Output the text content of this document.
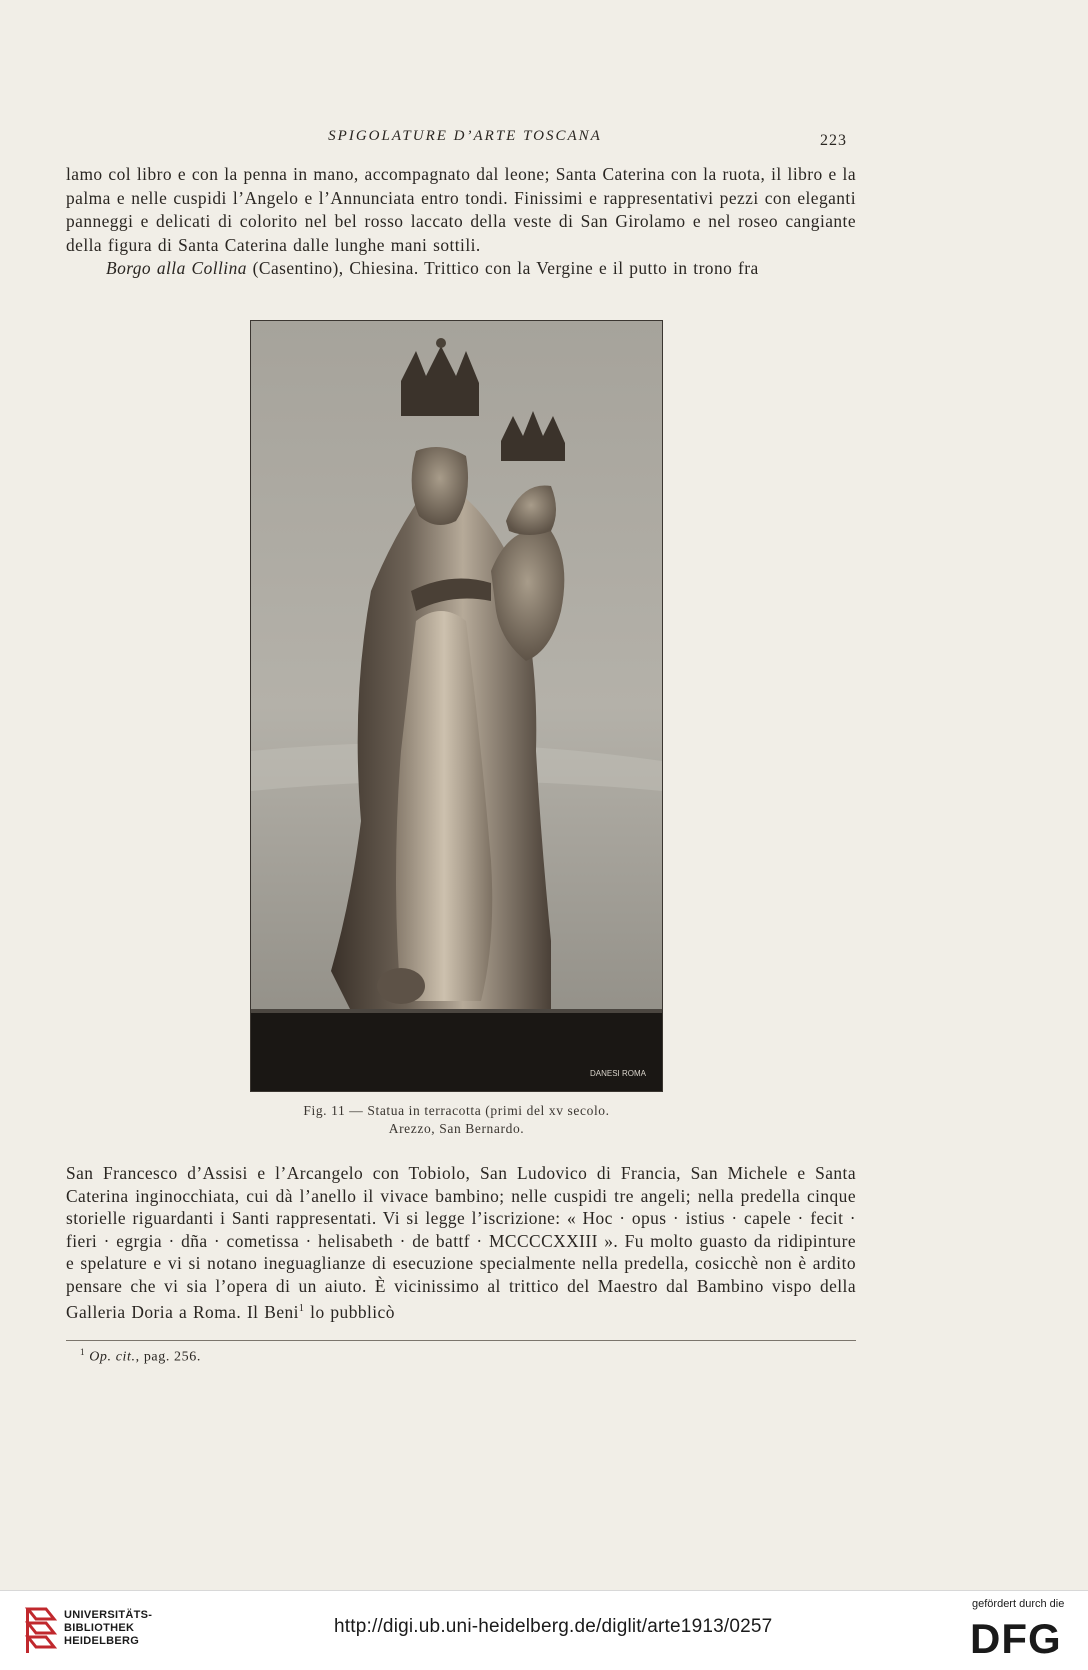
SPIGOLATURE D’ARTE TOSCANA	223

lamo col libro e con la penna in mano, accompagnato dal leone; Santa Caterina con la ruota, il libro e la palma e nelle cuspidi l’Angelo e l’Annunciata entro tondi. Finissimi e rappresentativi pezzi con eleganti panneggi e delicati di colorito nel bel rosso laccato della veste di San Girolamo e nel roseo cangiante della figura di Santa Caterina dalle lunghe mani sottili.

Borgo alla Collina (Casentino), Chiesina. Trittico con la Vergine e il putto in trono fra

DANESI ROMA
Fig. 11 — Statua in terracotta (primi del xv secolo.
Arezzo, San Bernardo.

San Francesco d’Assisi e l’Arcangelo con Tobiolo, San Ludovico di Francia, San Michele e Santa Caterina inginocchiata, cui dà l’anello il vivace bambino; nelle cuspidi tre angeli; nella predella cinque storielle riguardanti i Santi rappresentati. Vi si legge l’iscrizione: « Hoc · opus · istius · capele · fecit · fieri · egrgia · dña · cometissa · helisabeth · de battf · MCCCCXXIII ». Fu molto guasto da ridipinture e spelature e vi si notano ineguaglianze di esecuzione specialmente nella predella, cosicchè non è ardito pensare che vi sia l’opera di un aiuto. È vicinissimo al trittico del Maestro dal Bambino vispo della Galleria Doria a Roma. Il Beni$^1$ lo pubblicò

$^1$ Op. cit., pag. 256.
UNIVERSITÄTS-
BIBLIOTHEK
HEIDELBERG
http://digi.ub.uni-heidelberg.de/diglit/arte1913/0257
gefördert durch die
DFG
